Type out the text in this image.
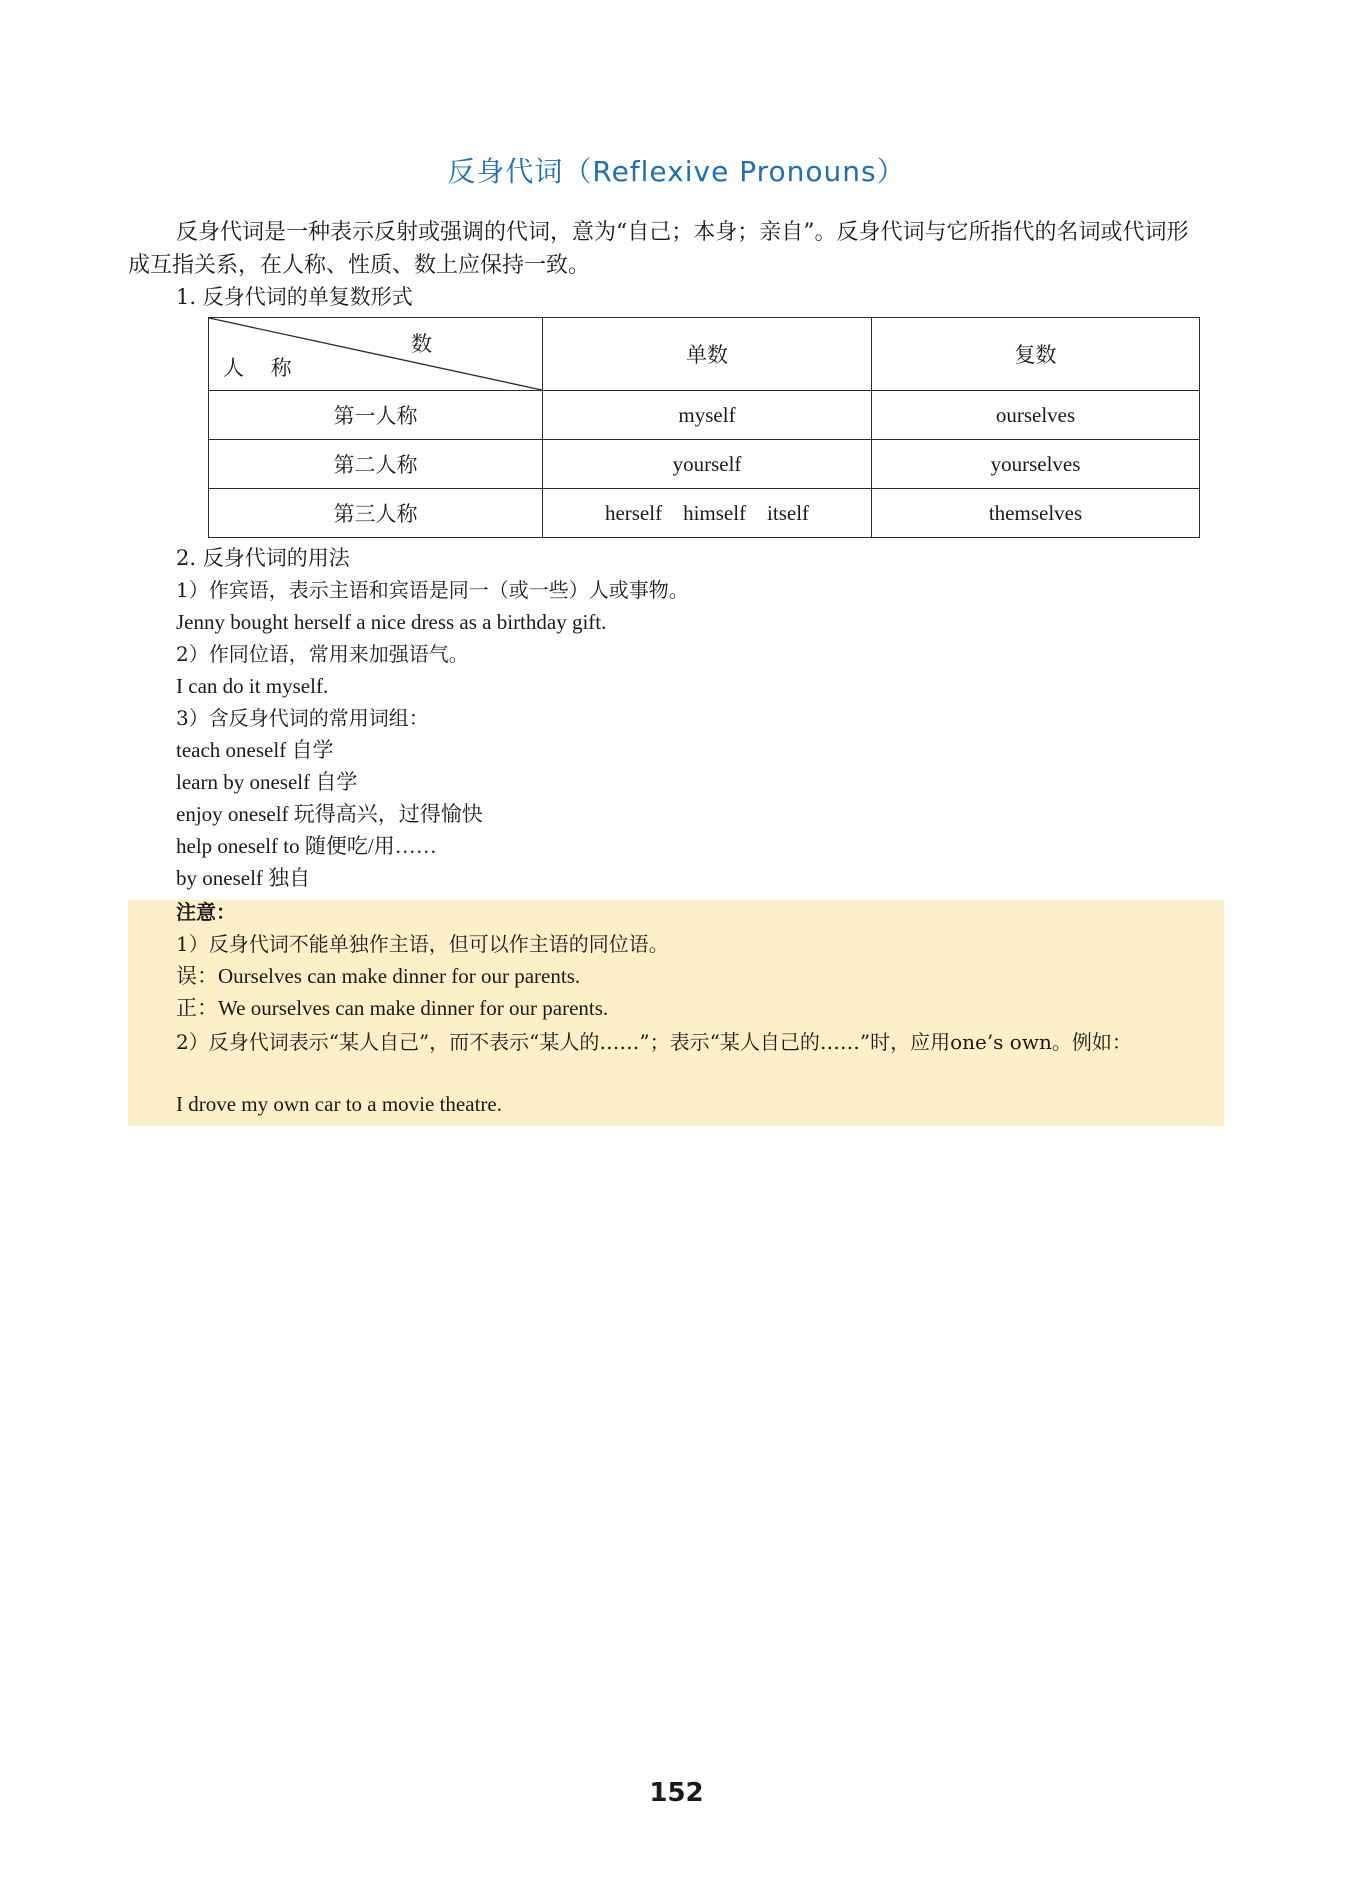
反身代词（Reflexive Pronouns）
反身代词是一种表示反射或强调的代词，意为“自己；本身；亲自”。反身代词与它所指代的名词或代词形成互指关系，在人称、性质、数上应保持一致。
1. 反身代词的单复数形式
数
人 称	单数	复数
第一人称	myself	ourselves
第二人称	yourself	yourselves
第三人称	herself    himself    itself	themselves
2. 反身代词的用法
1）作宾语，表示主语和宾语是同一（或一些）人或事物。
Jenny bought herself a nice dress as a birthday gift.
2）作同位语，常用来加强语气。
I can do it myself.
3）含反身代词的常用词组：
teach oneself 自学
learn by oneself 自学
enjoy oneself 玩得高兴，过得愉快
help oneself to 随便吃/用……
by oneself 独自
注意：
1）反身代词不能单独作主语，但可以作主语的同位语。
误：Ourselves can make dinner for our parents.
正：We ourselves can make dinner for our parents.
2）反身代词表示“某人自己”，而不表示“某人的……”；表示“某人自己的……”时，应用one’s own。例如：
I drove my own car to a movie theatre.
152
